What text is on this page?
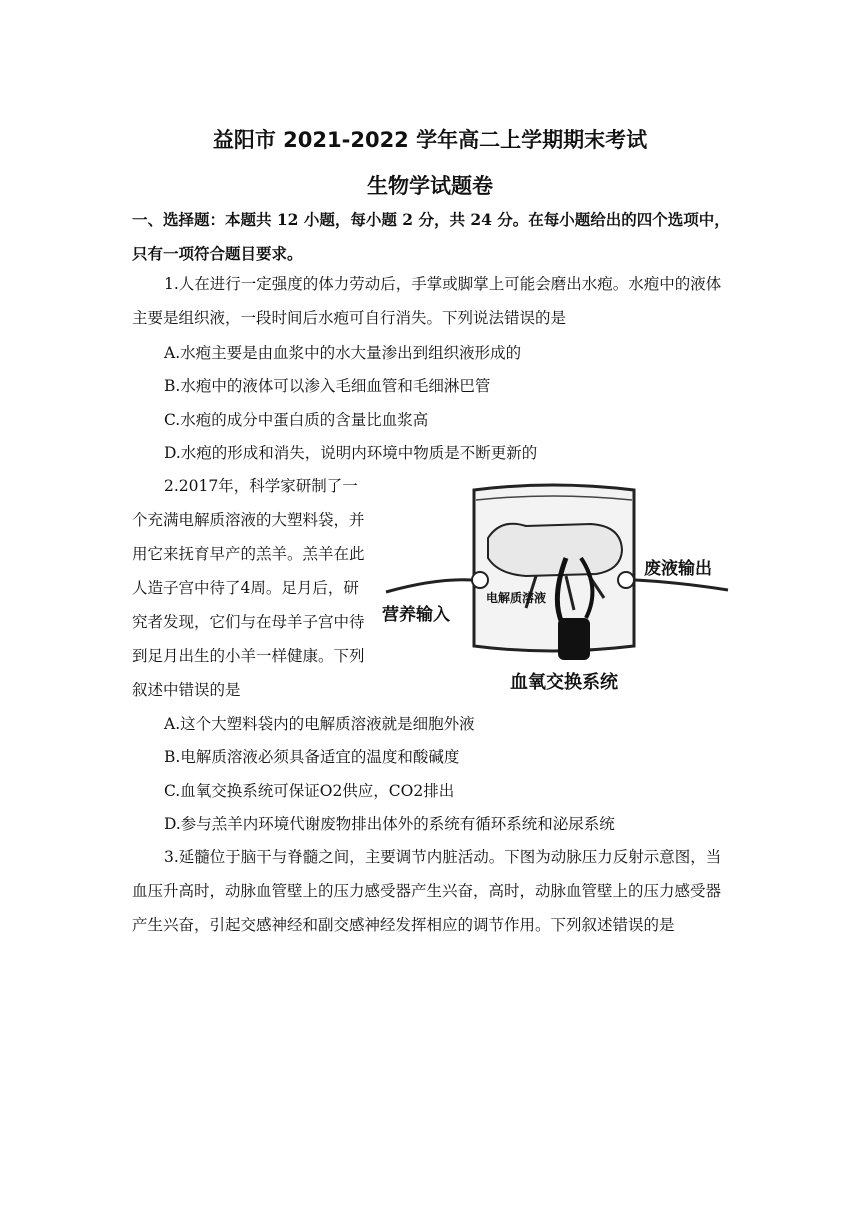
益阳市 2021-2022 学年高二上学期期末考试
生物学试题卷
一、选择题：本题共 12 小题，每小题 2 分，共 24 分。在每小题给出的四个选项中，只有一项符合题目要求。
1.人在进行一定强度的体力劳动后，手掌或脚掌上可能会磨出水疱。水疱中的液体主要是组织液，一段时间后水疱可自行消失。下列说法错误的是
A.水疱主要是由血浆中的水大量渗出到组织液形成的
B.水疱中的液体可以渗入毛细血管和毛细淋巴管
C.水疱的成分中蛋白质的含量比血浆高
D.水疱的形成和消失，说明内环境中物质是不断更新的
2.2017年，科学家研制了一个充满电解质溶液的大塑料袋，并用它来抚育早产的羔羊。羔羊在此人造子宫中待了4周。足月后，研究者发现，它们与在母羊子宫中待到足月出生的小羊一样健康。下列叙述中错误的是
营养输入
废液输出
电解质溶液
血氧交换系统
A.这个大塑料袋内的电解质溶液就是细胞外液
B.电解质溶液必须具备适宜的温度和酸碱度
C.血氧交换系统可保证O2供应，CO2排出
D.参与羔羊内环境代谢废物排出体外的系统有循环系统和泌尿系统
3.延髓位于脑干与脊髓之间，主要调节内脏活动。下图为动脉压力反射示意图，当血压升高时，动脉血管壁上的压力感受器产生兴奋，高时，动脉血管壁上的压力感受器产生兴奋，引起交感神经和副交感神经发挥相应的调节作用。下列叙述错误的是
